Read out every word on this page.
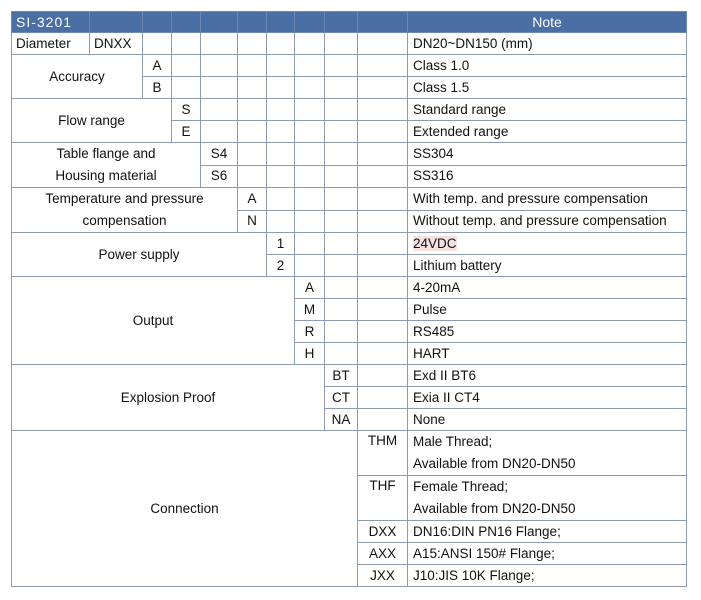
SI-3201										Note
Diameter	DNXX									DN20~DN150 (mm)
Accuracy		A								Class 1.0
		B								Class 1.5
Flow range			S							Standard range
			E							Extended range

Table flange and
Housing material				S4						SS304
				S6						SS316

Temperature and pressure
compensation					A					With temp. and pressure compensation
					N					Without temp. and pressure compensation
Power supply						1				24VDC
						2				Lithium battery
Output							A			4-20mA
							M			Pulse
							R			RS485
							H			HART
Explosion Proof								BT		Exd II BT6
								CT		Exia II CT4
								NA		None
Connection									THM	Male Thread;
Available from DN20-DN50

									THF	Female Thread;
Available from DN20-DN50

									DXX	DN16:DIN PN16 Flange;
									AXX	A15:ANSI 150# Flange;
									JXX	J10:JIS 10K Flange;
